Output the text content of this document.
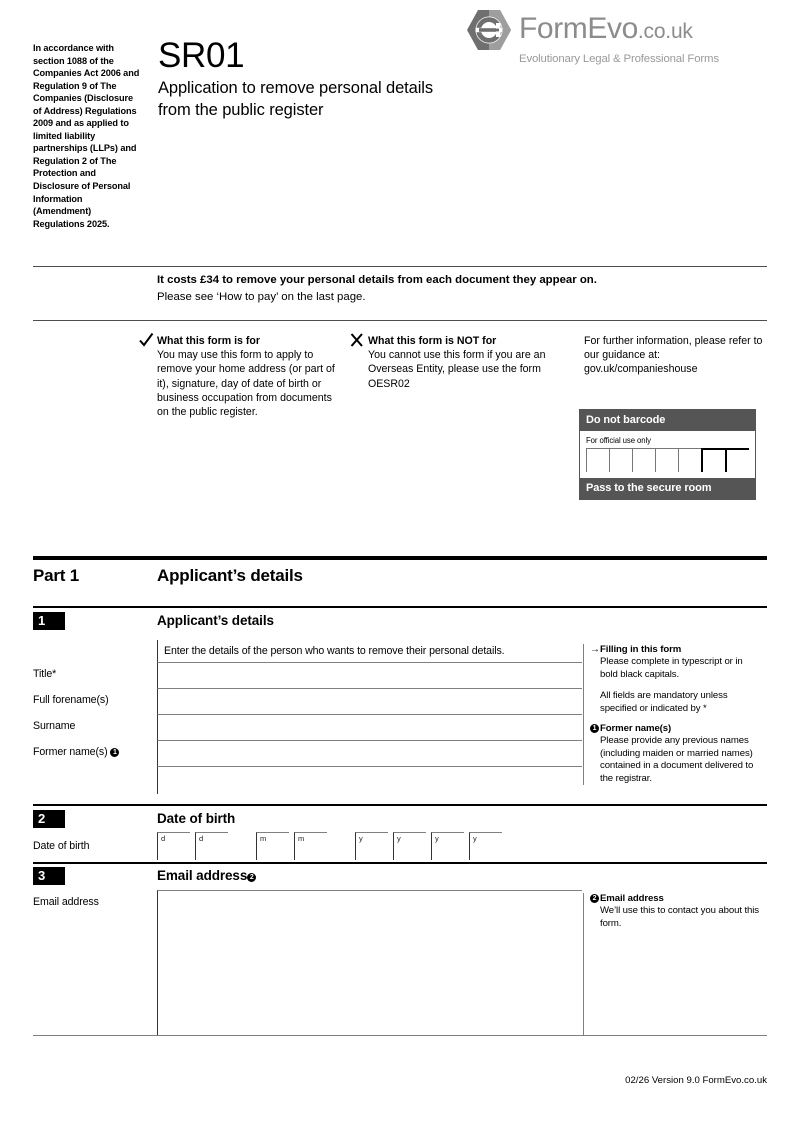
In accordance with section 1088 of the Companies Act 2006 and Regulation 9 of The Companies (Disclosure of Address) Regulations 2009 and as applied to limited liability partnerships (LLPs) and Regulation 2 of The Protection and Disclosure of Personal Information (Amendment) Regulations 2025.
SR01
Application to remove personal details
from the public register
FormEvo.co.uk
Evolutionary Legal & Professional Forms
It costs £34 to remove your personal details from each document they appear on.
Please see ‘How to pay’ on the last page.
What this form is for
You may use this form to apply to remove your home address (or part of it), signature, day of date of birth or business occupation from documents on the public register.
What this form is NOT for
You cannot use this form if you are an Overseas Entity, please use the form OESR02
For further information, please refer to our guidance at: gov.uk/companieshouse
Do not barcode
For official use only
Pass to the secure room
Part 1	Applicant’s details
1	Applicant’s details
Enter the details of the person who wants to remove their personal details.
Title*
Full forename(s)
Surname
Former name(s) 1
→ Filling in this form

Please complete in typescript or in bold black capitals.

All fields are mandatory unless specified or indicated by *

1 Former name(s)

Please provide any previous names (including maiden or married names) contained in a document delivered to the registrar.

2	Date of birth
Date of birth
d	d	m	m	y	y	y	y
3	Email address 2
Email address	2 Email address

We’ll use this to contact you about this form.

02/26 Version 9.0 FormEvo.co.uk
